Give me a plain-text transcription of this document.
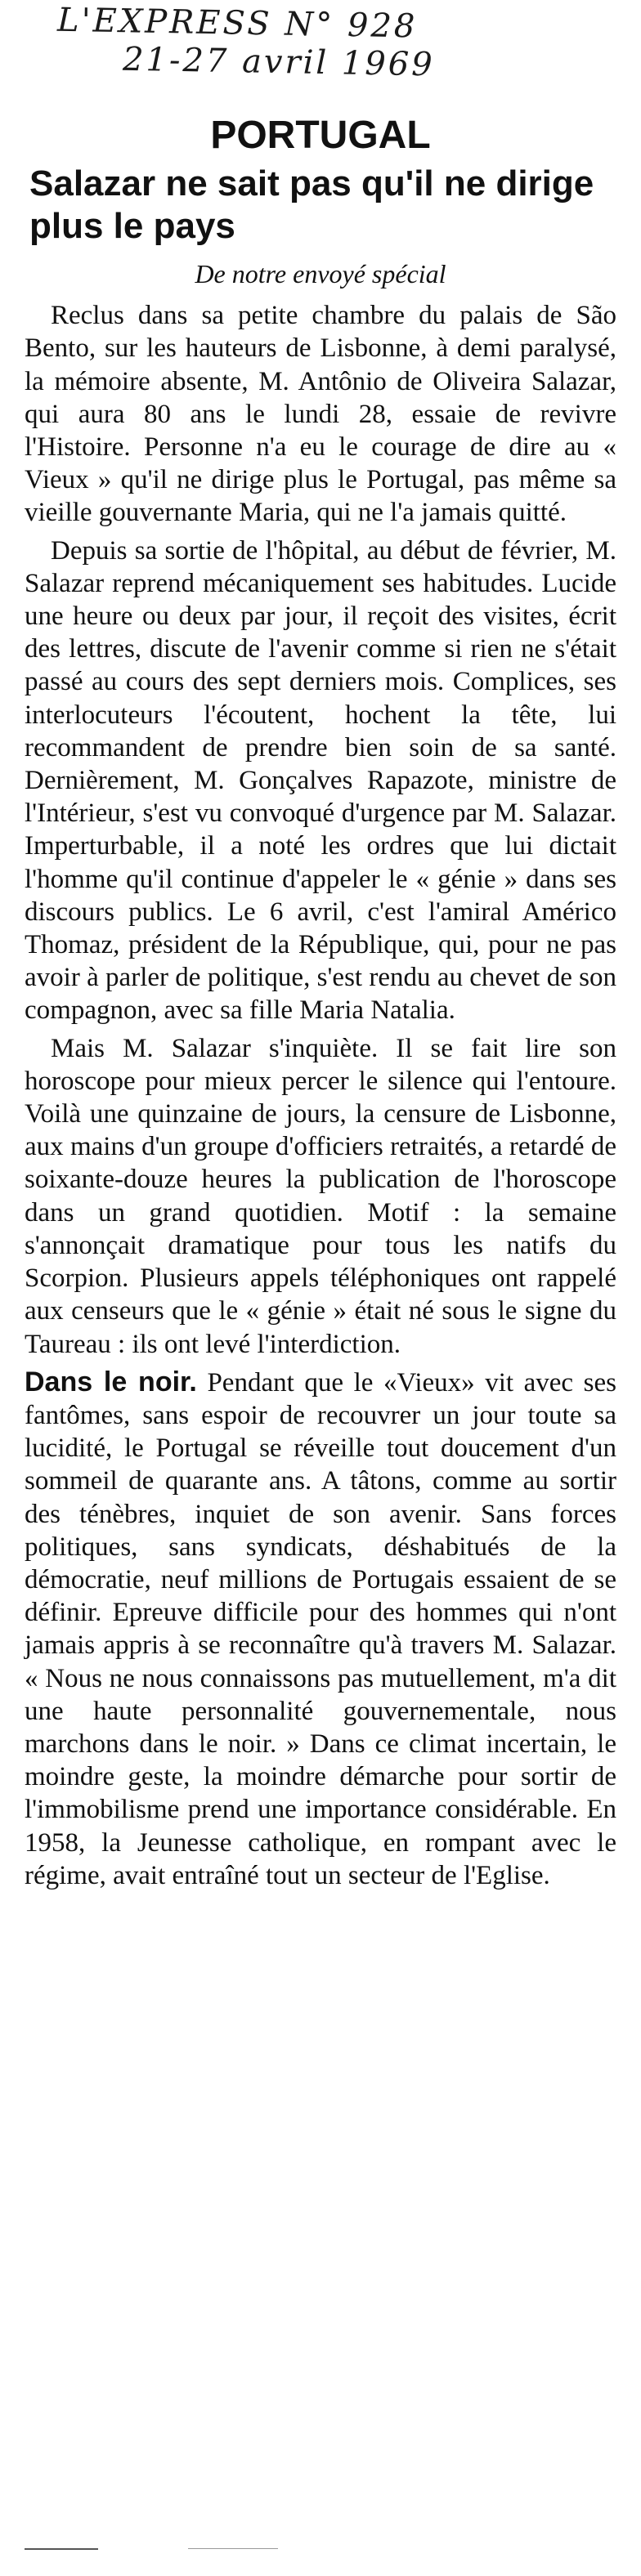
L'EXPRESS N° 928
21-27 avril 1969
PORTUGAL
Salazar ne sait pas qu'il ne dirige plus le pays
De notre envoyé spécial

Reclus dans sa petite chambre du palais de São Bento, sur les hauteurs de Lisbonne, à demi paralysé, la mémoire absente, M. Antônio de Oliveira Salazar, qui aura 80 ans le lundi 28, essaie de revivre l'Histoire. Personne n'a eu le courage de dire au « Vieux » qu'il ne dirige plus le Portugal, pas même sa vieille gouvernante Maria, qui ne l'a jamais quitté.

Depuis sa sortie de l'hôpital, au début de février, M. Salazar reprend mécaniquement ses habitudes. Lucide une heure ou deux par jour, il reçoit des visites, écrit des lettres, discute de l'avenir comme si rien ne s'était passé au cours des sept derniers mois. Complices, ses interlocuteurs l'écoutent, hochent la tête, lui recommandent de prendre bien soin de sa santé. Dernièrement, M. Gonçalves Rapazote, ministre de l'Intérieur, s'est vu convoqué d'urgence par M. Salazar. Imperturbable, il a noté les ordres que lui dictait l'homme qu'il continue d'appeler le « génie » dans ses discours publics. Le 6 avril, c'est l'amiral Américo Thomaz, président de la République, qui, pour ne pas avoir à parler de politique, s'est rendu au chevet de son compagnon, avec sa fille Maria Natalia.

Mais M. Salazar s'inquiète. Il se fait lire son horoscope pour mieux percer le silence qui l'entoure. Voilà une quinzaine de jours, la censure de Lisbonne, aux mains d'un groupe d'officiers retraités, a retardé de soixante-douze heures la publication de l'horoscope dans un grand quotidien. Motif : la semaine s'annonçait dramatique pour tous les natifs du Scorpion. Plusieurs appels téléphoniques ont rappelé aux censeurs que le « génie » était né sous le signe du Taureau : ils ont levé l'interdiction.

Dans le noir. Pendant que le «Vieux» vit avec ses fantômes, sans espoir de recouvrer un jour toute sa lucidité, le Portugal se réveille tout doucement d'un sommeil de quarante ans. A tâtons, comme au sortir des ténèbres, inquiet de son avenir. Sans forces politiques, sans syndicats, déshabitués de la démocratie, neuf millions de Portugais essaient de se définir. Epreuve difficile pour des hommes qui n'ont jamais appris à se reconnaître qu'à travers M. Salazar. « Nous ne nous connaissons pas mutuellement, m'a dit une haute personnalité gouvernementale, nous marchons dans le noir. » Dans ce climat incertain, le moindre geste, la moindre démarche pour sortir de l'immobilisme prend une importance considérable. En 1958, la Jeunesse catholique, en rompant avec le régime, avait entraîné tout un secteur de l'Eglise.
